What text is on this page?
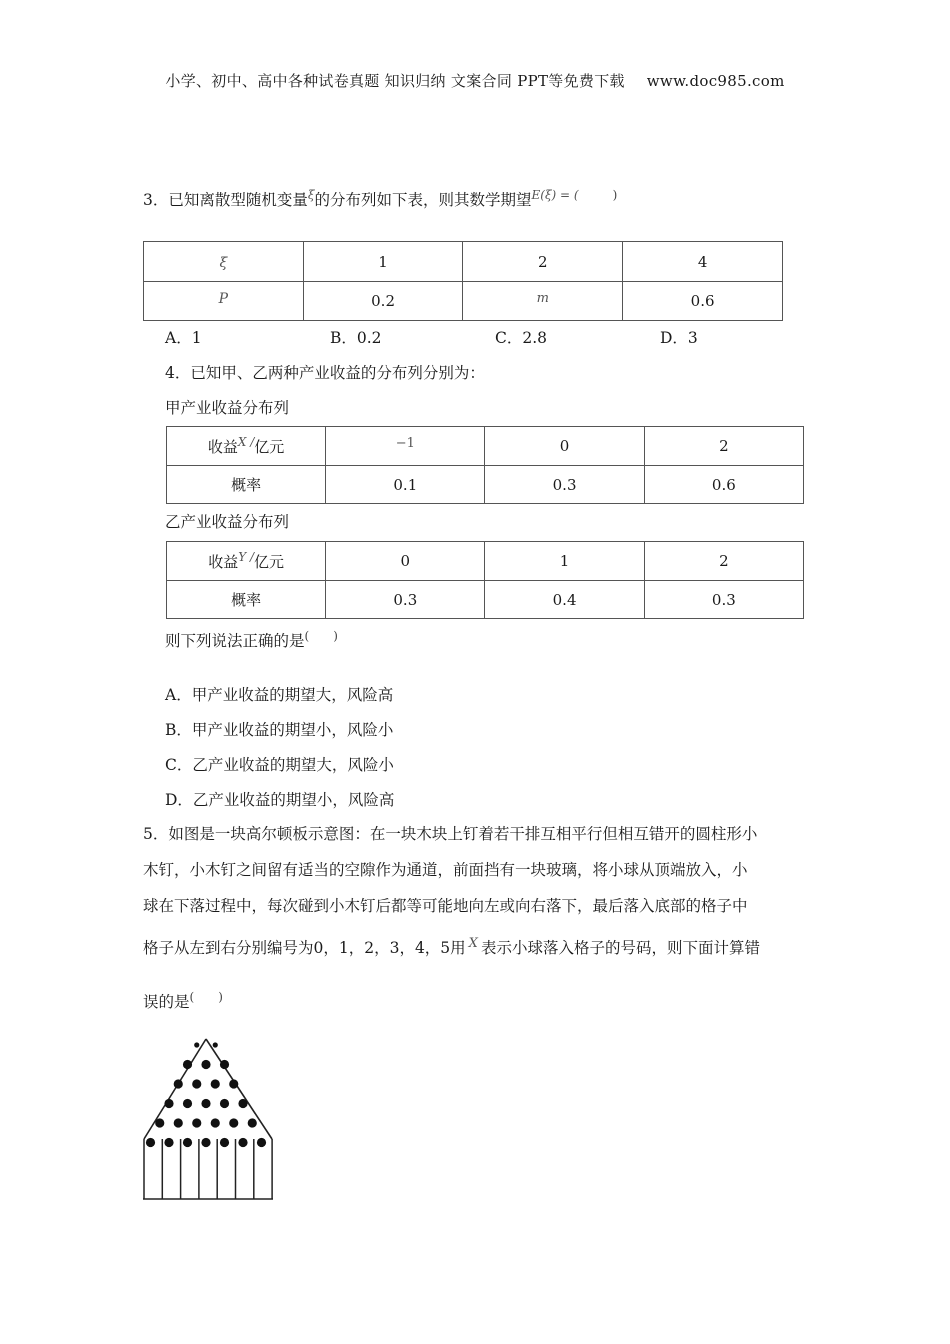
小学、初中、高中各种试卷真题 知识归纳 文案合同 PPT等免费下载 www.doc985.com
3．已知离散型随机变量$^\xi$的分布列如下表，则其数学期望$^{E(\xi) = (}$	)
ξ	1	2	4
P	0.2	m	0.6
A．1	B．0.2	C．2.8	D．3
4．已知甲、乙两种产业收益的分布列分别为：
甲产业收益分布列
收益$^{X /}$亿元	−1	0	2
概率	0.1	0.3	0.6
乙产业收益分布列
收益$^{Y /}$亿元	0	1	2
概率	0.3	0.4	0.3
则下列说法正确的是(　　)
A．甲产业收益的期望大，风险高
B．甲产业收益的期望小，风险小
C．乙产业收益的期望大，风险小
D．乙产业收益的期望小，风险高
5．如图是一块高尔顿板示意图：在一块木块上钉着若干排互相平行但相互错开的圆柱形小
木钉，小木钉之间留有适当的空隙作为通道，前面挡有一块玻璃，将小球从顶端放入，小
球在下落过程中，每次碰到小木钉后都等可能地向左或向右落下，最后落入底部的格子中
格子从左到右分别编号为0，1，2，3，4，5用 $^X$ 表示小球落入格子的号码，则下面计算错
误的是(　　)
